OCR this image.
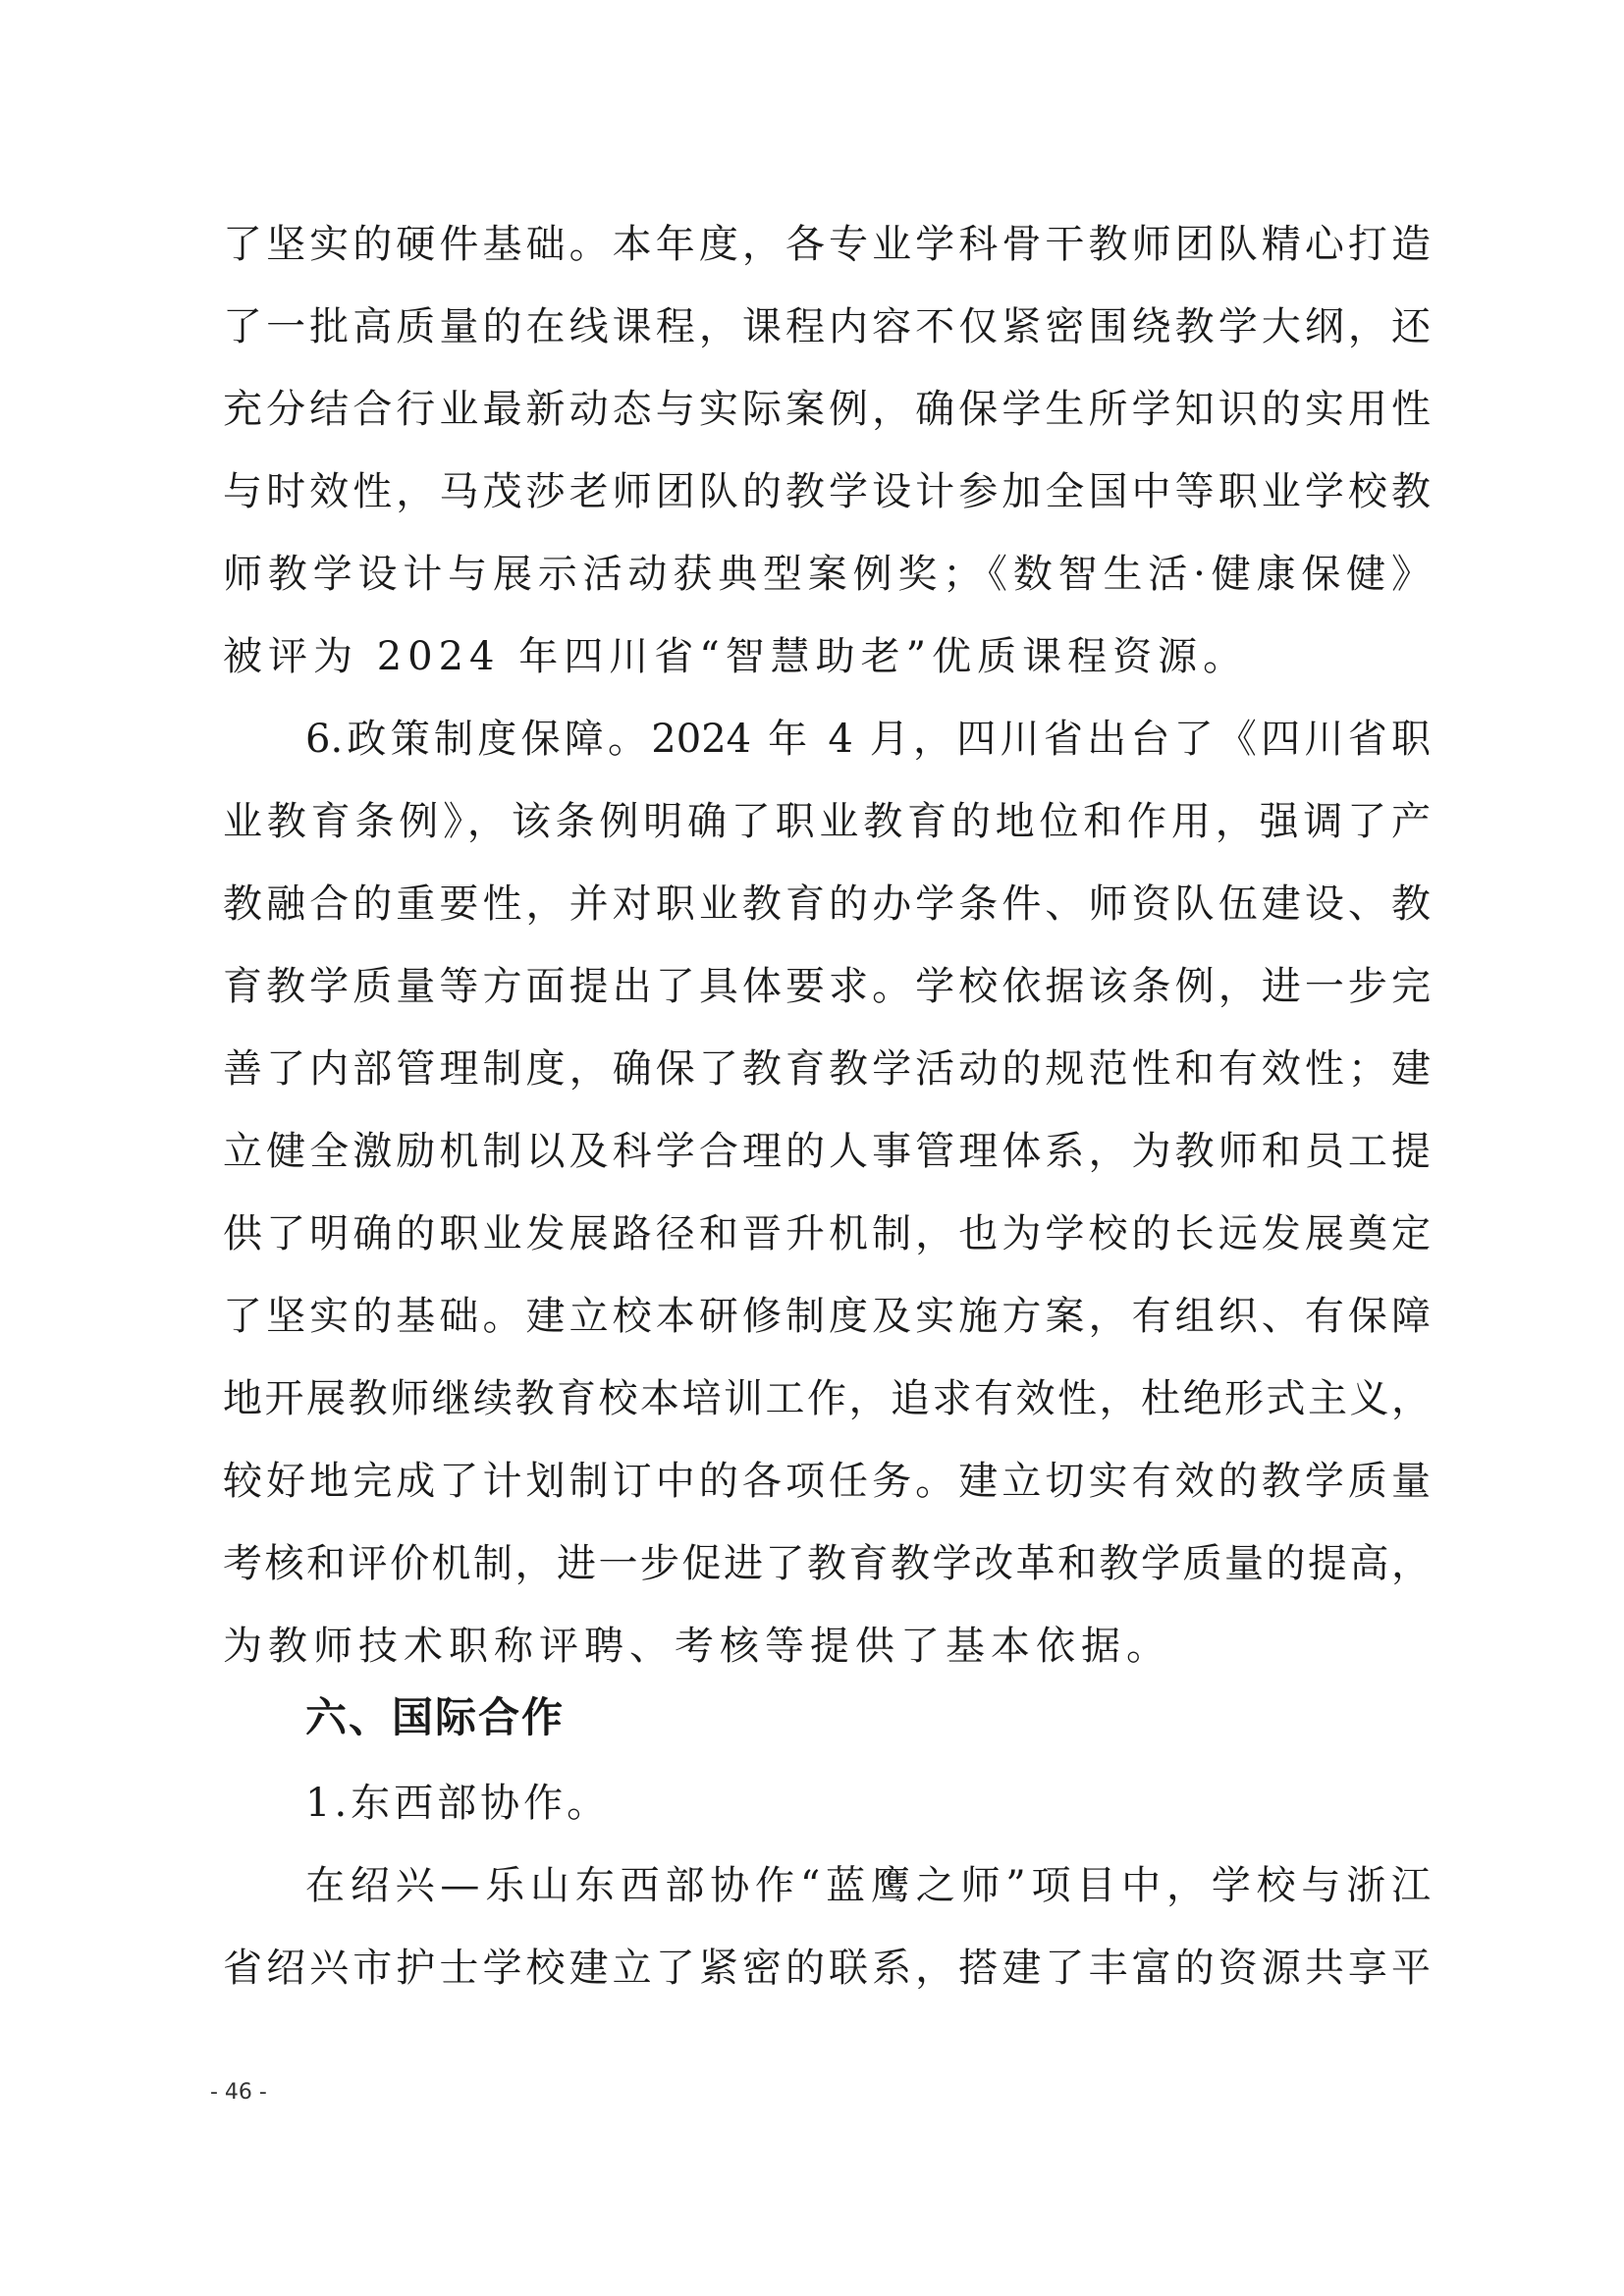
了坚实的硬件基础。本年度，各专业学科骨干教师团队精心打造
了一批高质量的在线课程，课程内容不仅紧密围绕教学大纲，还
充分结合行业最新动态与实际案例，确保学生所学知识的实用性
与时效性，马茂莎老师团队的教学设计参加全国中等职业学校教
师教学设计与展示活动获典型案例奖；《数智生活·健康保健》
被评为 2024 年四川省“智慧助老”优质课程资源。
6.政策制度保障。2024 年 4 月，四川省出台了《四川省职
业教育条例》，该条例明确了职业教育的地位和作用，强调了产
教融合的重要性，并对职业教育的办学条件、师资队伍建设、教
育教学质量等方面提出了具体要求。学校依据该条例，进一步完
善了内部管理制度，确保了教育教学活动的规范性和有效性；建
立健全激励机制以及科学合理的人事管理体系，为教师和员工提
供了明确的职业发展路径和晋升机制，也为学校的长远发展奠定
了坚实的基础。建立校本研修制度及实施方案，有组织、有保障
地开展教师继续教育校本培训工作，追求有效性，杜绝形式主义，
较好地完成了计划制订中的各项任务。建立切实有效的教学质量
考核和评价机制，进一步促进了教育教学改革和教学质量的提高，
为教师技术职称评聘、考核等提供了基本依据。
六、国际合作
1.东西部协作。
在绍兴—乐山东西部协作“蓝鹰之师”项目中，学校与浙江
省绍兴市护士学校建立了紧密的联系，搭建了丰富的资源共享平
- 46 -
